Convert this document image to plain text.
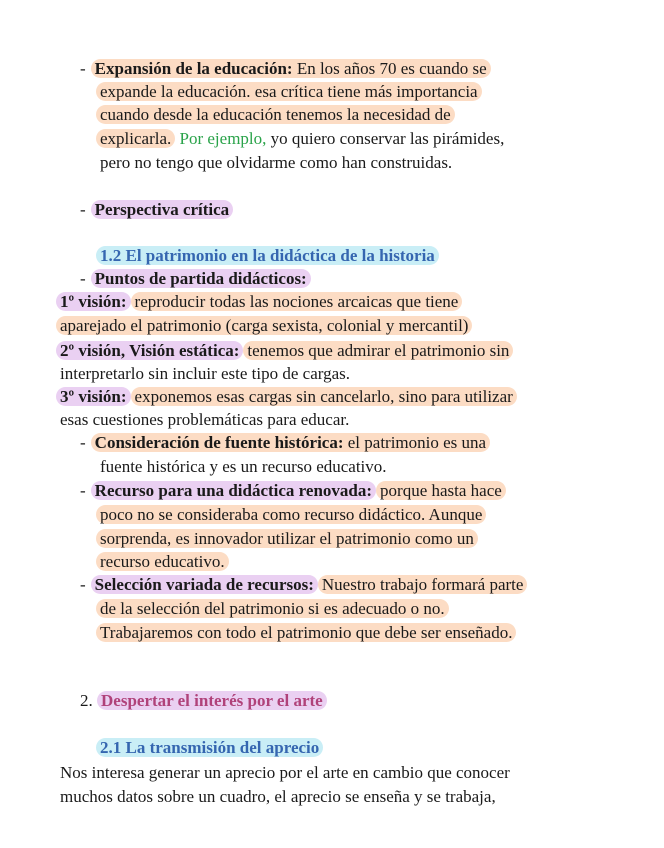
- Expansión de la educación: En los años 70 es cuando se
expande la educación. esa crítica tiene más importancia
cuando desde la educación tenemos la necesidad de
explicarla. Por ejemplo, yo quiero conservar las pirámides,
pero no tengo que olvidarme como han construidas.
- Perspectiva crítica
1.2 El patrimonio en la didáctica de la historia
- Puntos de partida didácticos:
1º visión: reproducir todas las nociones arcaicas que tiene
aparejado el patrimonio (carga sexista, colonial y mercantil)
2º visión, Visión estática: tenemos que admirar el patrimonio sin
interpretarlo sin incluir este tipo de cargas.
3º visión: exponemos esas cargas sin cancelarlo, sino para utilizar
esas cuestiones problemáticas para educar.
- Consideración de fuente histórica: el patrimonio es una
fuente histórica y es un recurso educativo.
- Recurso para una didáctica renovada: porque hasta hace
poco no se consideraba como recurso didáctico. Aunque
sorprenda, es innovador utilizar el patrimonio como un
recurso educativo.
- Selección variada de recursos: Nuestro trabajo formará parte
de la selección del patrimonio si es adecuado o no.
Trabajaremos con todo el patrimonio que debe ser enseñado.
2. Despertar el interés por el arte
2.1 La transmisión del aprecio
Nos interesa generar un aprecio por el arte en cambio que conocer
muchos datos sobre un cuadro, el aprecio se enseña y se trabaja,
